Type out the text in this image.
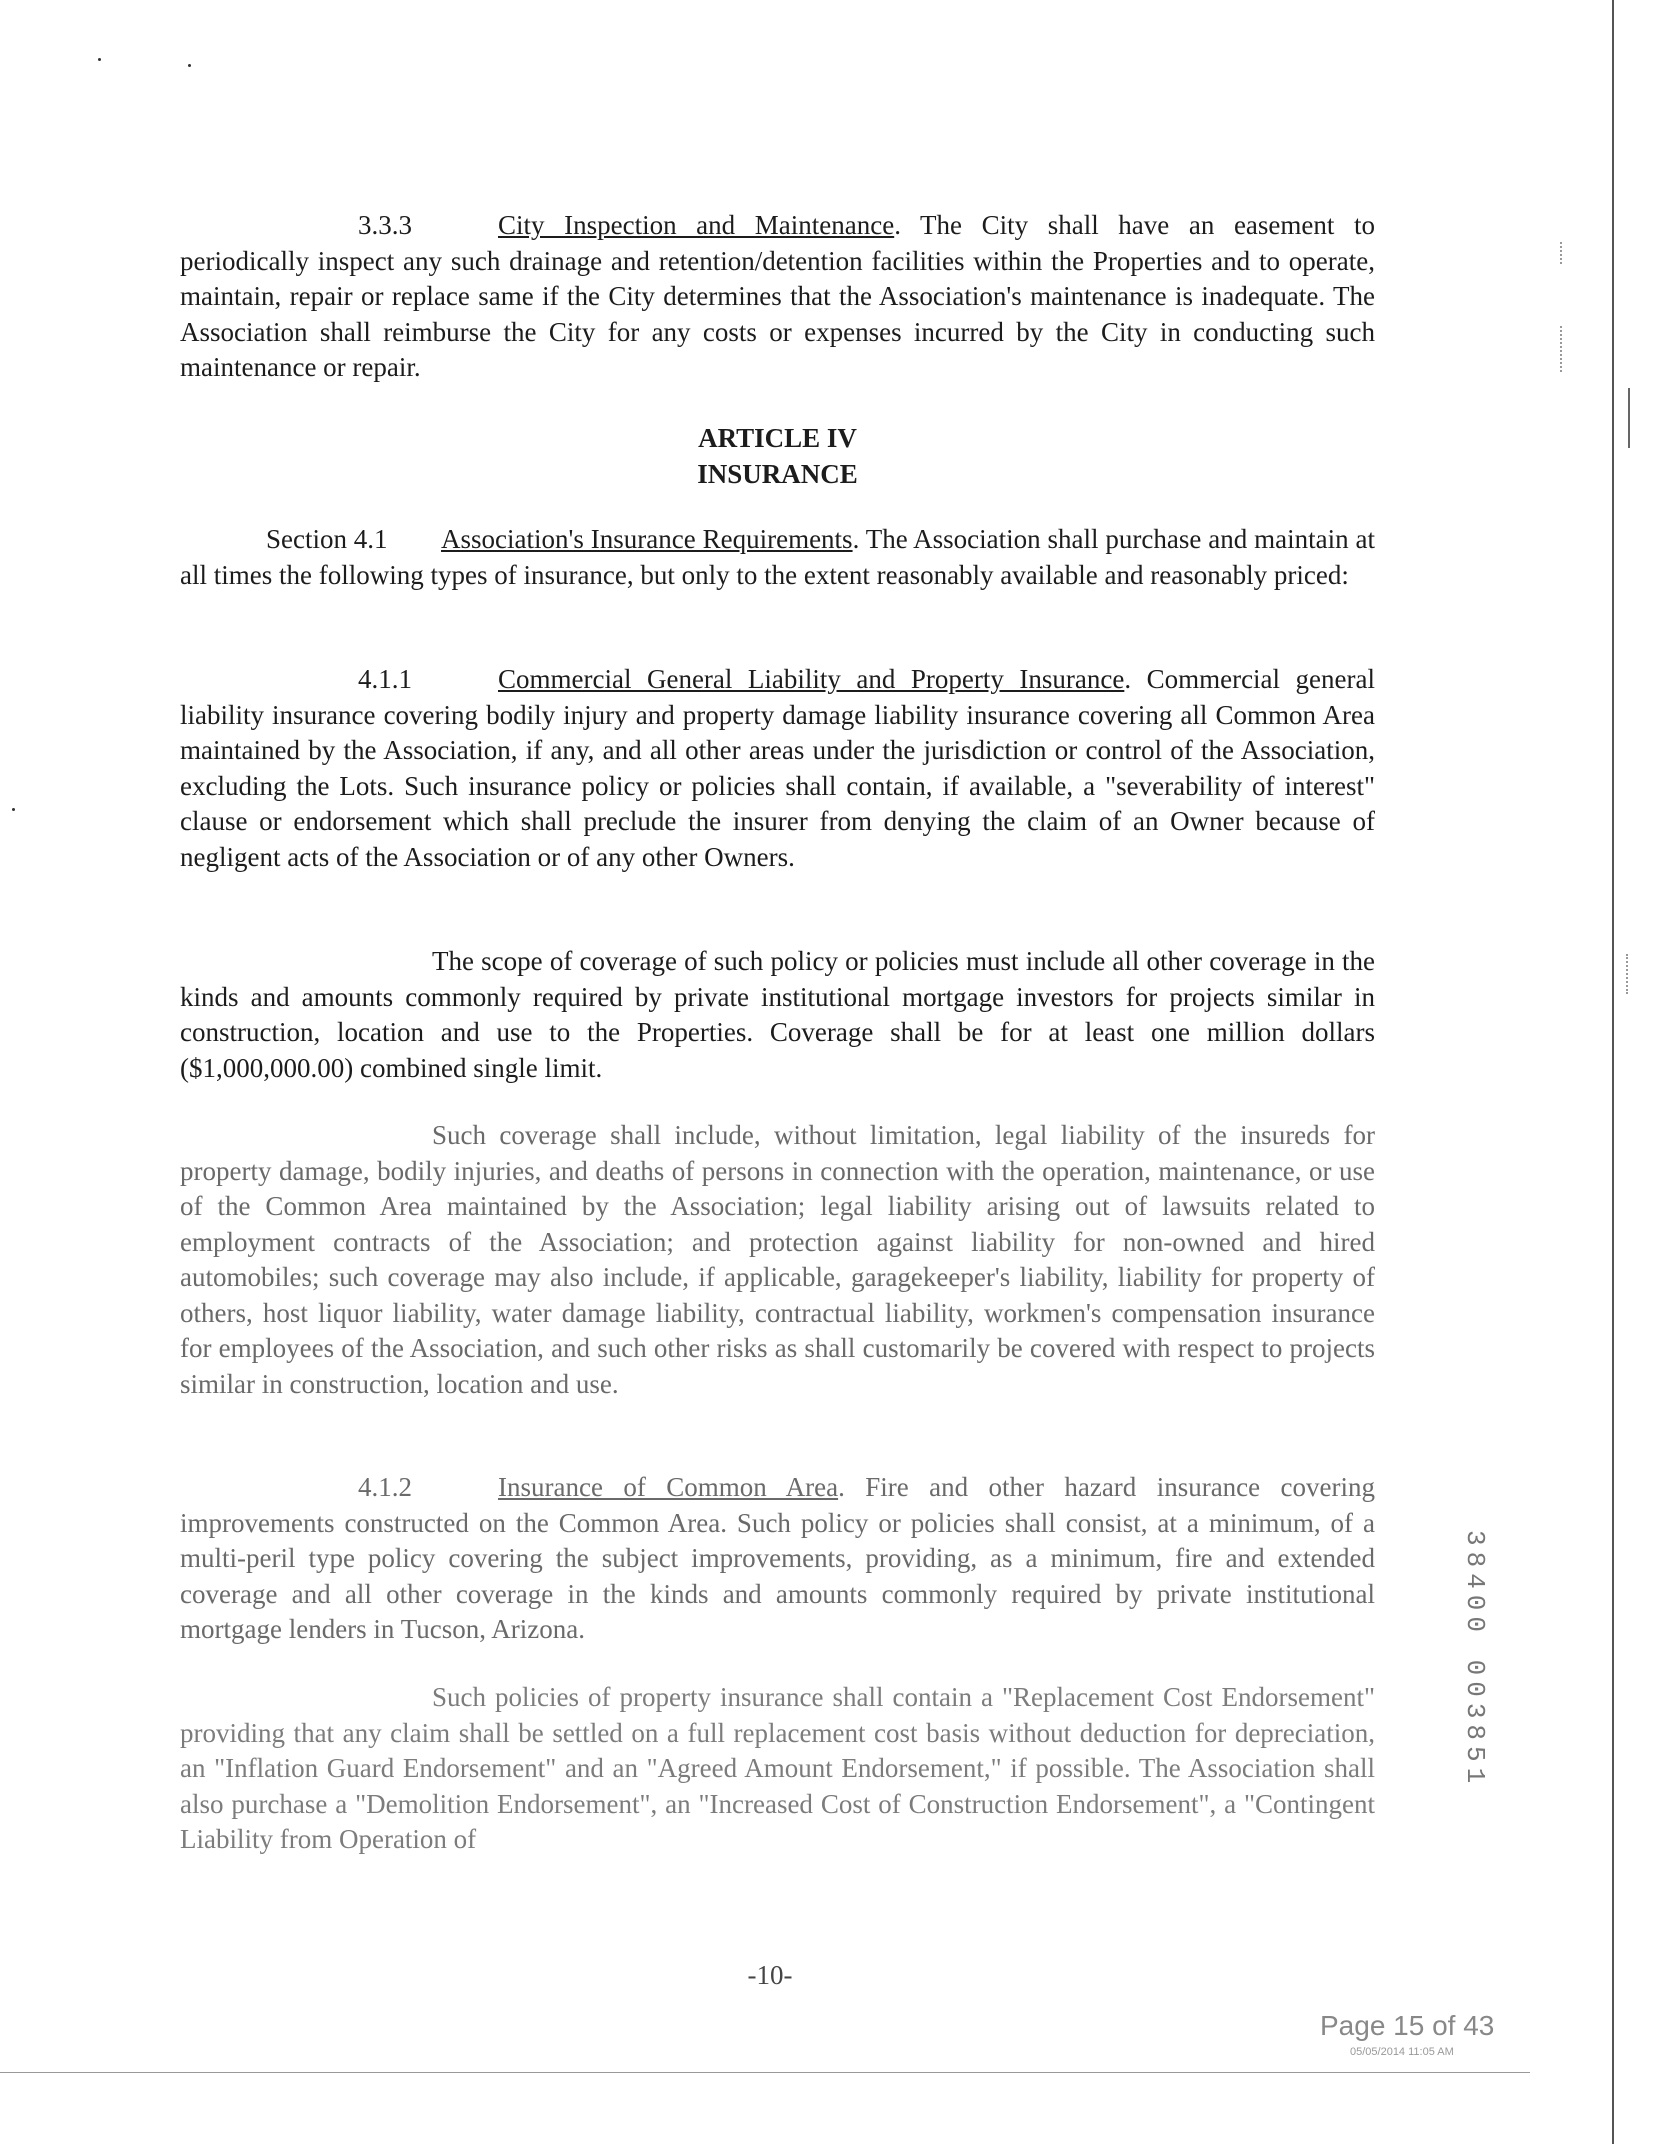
3.3.3	City Inspection and Maintenance. The City shall have an easement to periodically inspect any such drainage and retention/detention facilities within the Properties and to operate, maintain, repair or replace same if the City determines that the Association's maintenance is inadequate. The Association shall reimburse the City for any costs or expenses incurred by the City in conducting such maintenance or repair.

ARTICLE IV

INSURANCE

Section 4.1 Association's Insurance Requirements. The Association shall purchase and maintain at all times the following types of insurance, but only to the extent reasonably available and reasonably priced:

4.1.1	Commercial General Liability and Property Insurance. Commercial general liability insurance covering bodily injury and property damage liability insurance covering all Common Area maintained by the Association, if any, and all other areas under the jurisdiction or control of the Association, excluding the Lots. Such insurance policy or policies shall contain, if available, a "severability of interest" clause or endorsement which shall preclude the insurer from denying the claim of an Owner because of negligent acts of the Association or of any other Owners.

The scope of coverage of such policy or policies must include all other coverage in the kinds and amounts commonly required by private institutional mortgage investors for projects similar in construction, location and use to the Properties. Coverage shall be for at least one million dollars ($1,000,000.00) combined single limit.

Such coverage shall include, without limitation, legal liability of the insureds for property damage, bodily injuries, and deaths of persons in connection with the operation, maintenance, or use of the Common Area maintained by the Association; legal liability arising out of lawsuits related to employment contracts of the Association; and protection against liability for non-owned and hired automobiles; such coverage may also include, if applicable, garagekeeper's liability, liability for property of others, host liquor liability, water damage liability, contractual liability, workmen's compensation insurance for employees of the Association, and such other risks as shall customarily be covered with respect to projects similar in construction, location and use.

4.1.2	Insurance of Common Area. Fire and other hazard insurance covering improvements constructed on the Common Area. Such policy or policies shall consist, at a minimum, of a multi-peril type policy covering the subject improvements, providing, as a minimum, fire and extended coverage and all other coverage in the kinds and amounts commonly required by private institutional mortgage lenders in Tucson, Arizona.

Such policies of property insurance shall contain a "Replacement Cost Endorsement" providing that any claim shall be settled on a full replacement cost basis without deduction for depreciation, an "Inflation Guard Endorsement" and an "Agreed Amount Endorsement," if possible. The Association shall also purchase a "Demolition Endorsement", an "Increased Cost of Construction Endorsement", a "Contingent Liability from Operation of

-10-
Page 15 of 43
05/05/2014 11:05 AM
38400 003851
